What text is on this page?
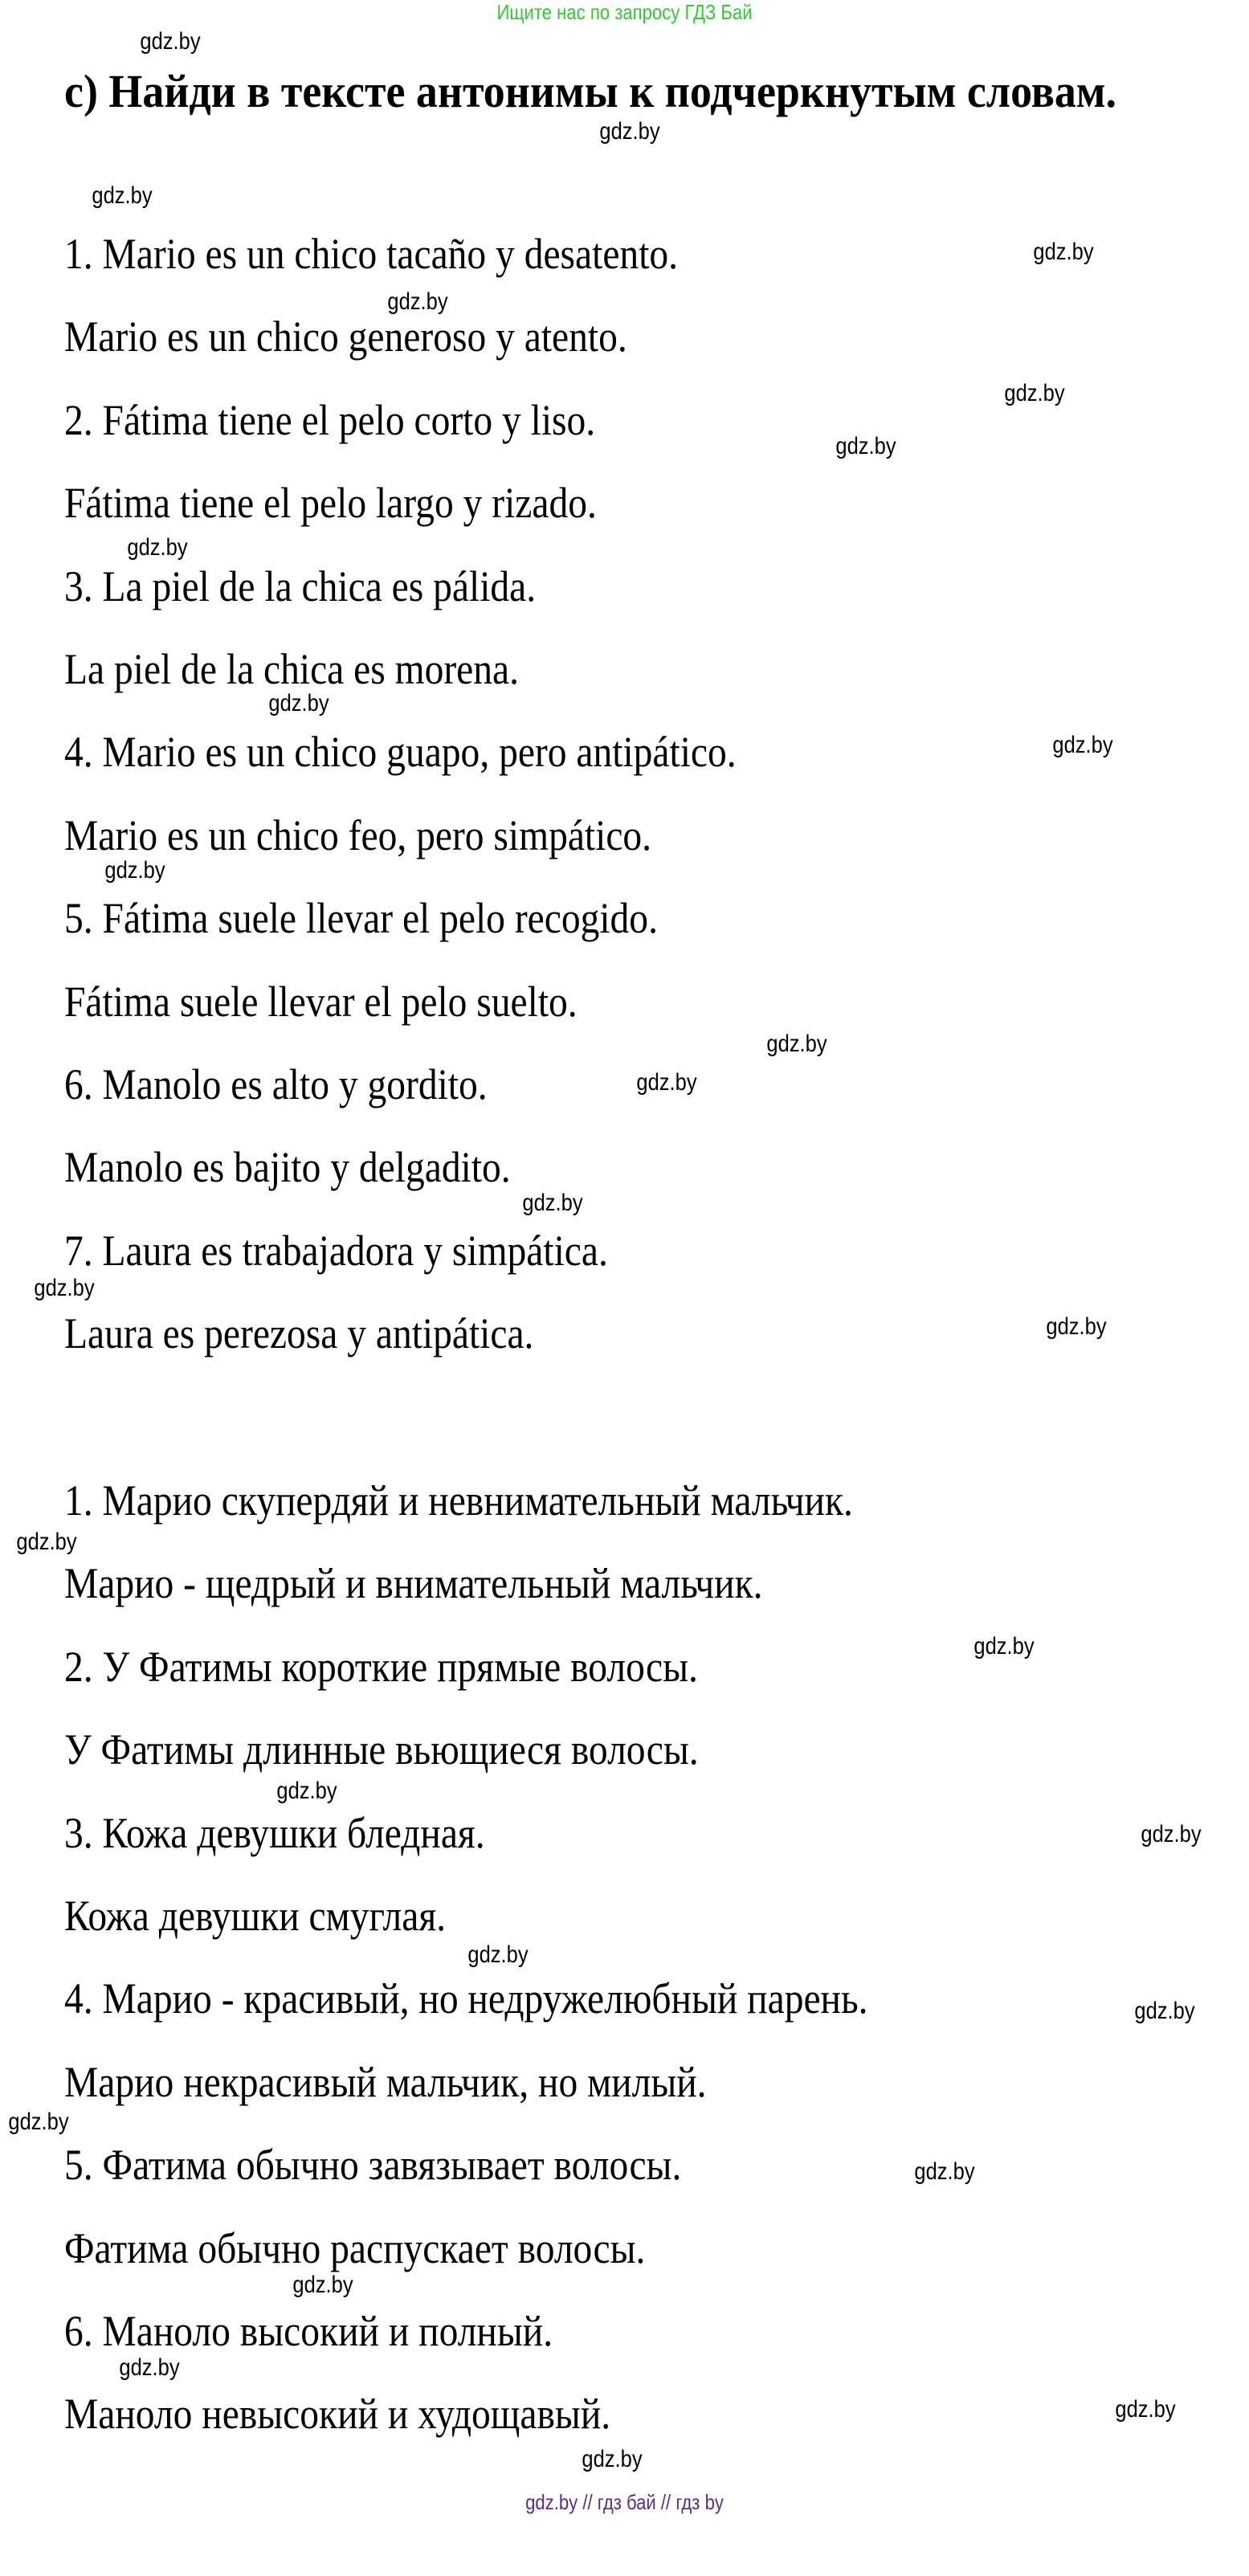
Ищите нас по запросу ГДЗ Бай
c) Найди в тексте антонимы к подчеркнутым словам.
1. Mario es un chico tacaño y desatento.
Mario es un chico generoso y atento.
2. Fátima tiene el pelo corto y liso.
Fátima tiene el pelo largo y rizado.
3. La piel de la chica es pálida.
La piel de la chica es morena.
4. Mario es un chico guapo, pero antipático.
Mario es un chico feo, pero simpático.
5. Fátima suele llevar el pelo recogido.
Fátima suele llevar el pelo suelto.
6. Manolo es alto y gordito.
Manolo es bajito y delgadito.
7. Laura es trabajadora y simpática.
Laura es perezosa y antipática.
1. Марио скупердяй и невнимательный мальчик.
Марио - щедрый и внимательный мальчик.
2. У Фатимы короткие прямые волосы.
У Фатимы длинные вьющиеся волосы.
3. Кожа девушки бледная.
Кожа девушки смуглая.
4. Марио - красивый, но недружелюбный парень.
Марио некрасивый мальчик, но милый.
5. Фатима обычно завязывает волосы.
Фатима обычно распускает волосы.
6. Маноло высокий и полный.
Маноло невысокий и худощавый.
gdz.by
gdz.by
gdz.by
gdz.by
gdz.by
gdz.by
gdz.by
gdz.by
gdz.by
gdz.by
gdz.by
gdz.by
gdz.by
gdz.by
gdz.by
gdz.by
gdz.by
gdz.by
gdz.by
gdz.by
gdz.by
gdz.by
gdz.by
gdz.by
gdz.by
gdz.by
gdz.by
gdz.by
gdz.by // гдз бай // гдз by
